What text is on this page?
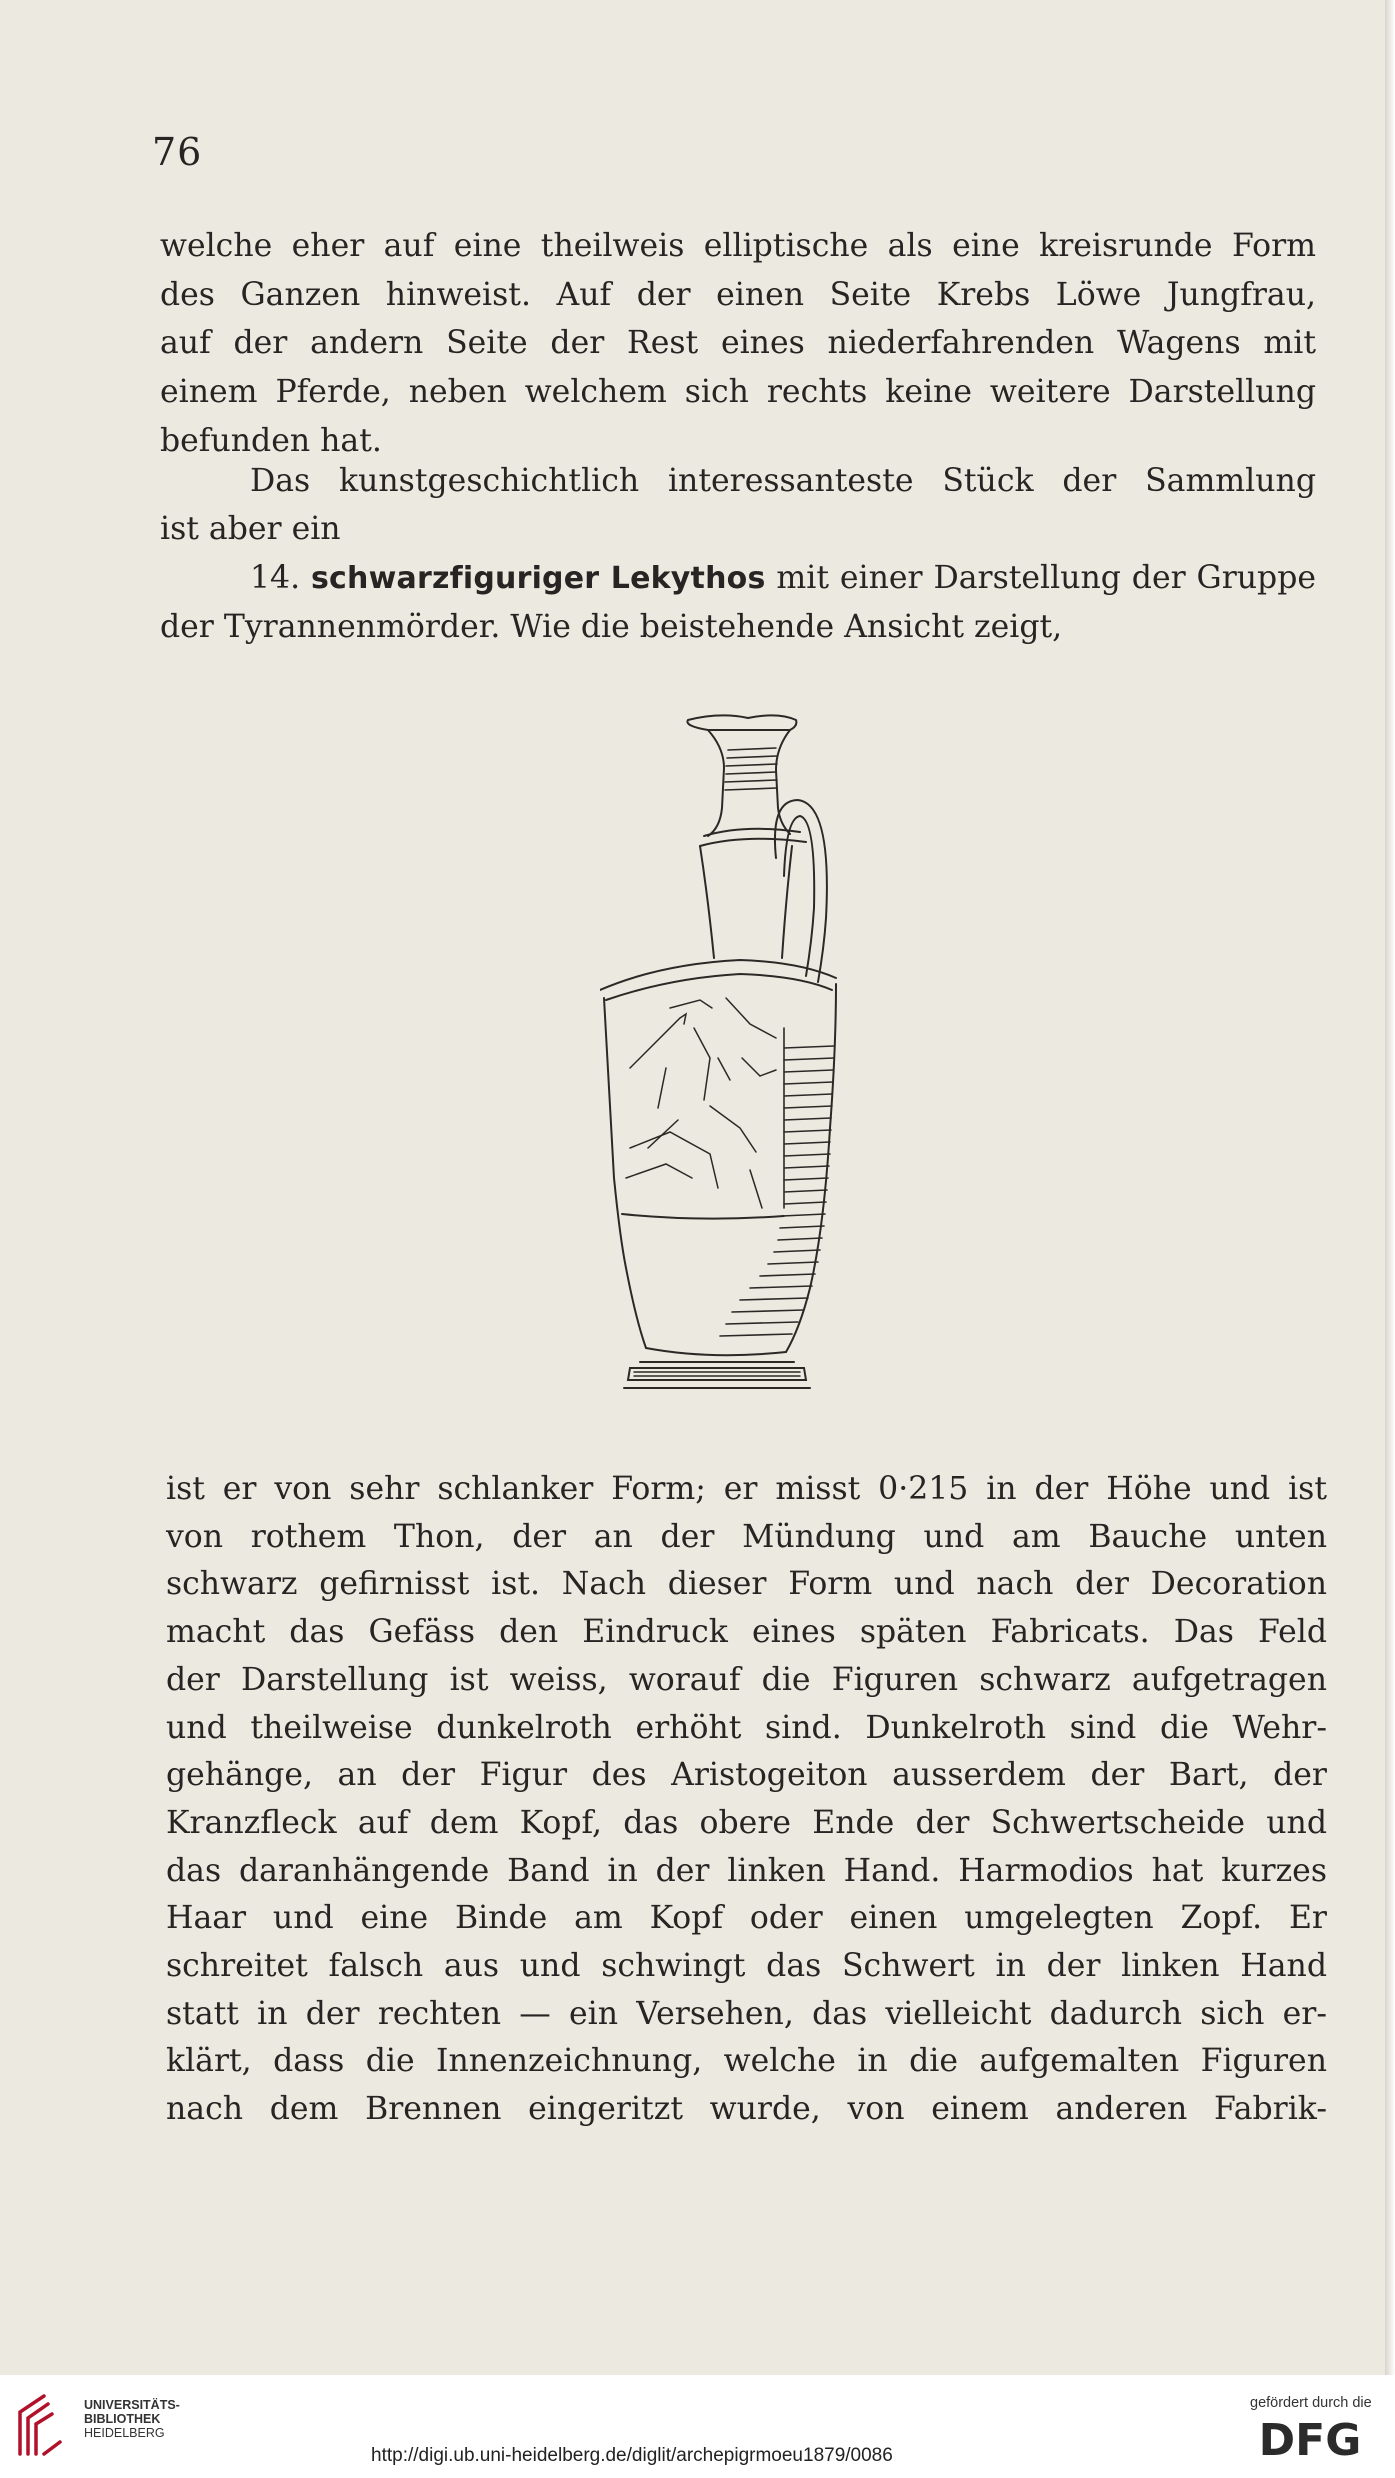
76
welche eher auf eine theilweis elliptische als eine kreisrunde Form
des Ganzen hinweist. Auf der einen Seite Krebs Löwe Jungfrau,
auf der andern Seite der Rest eines niederfahrenden Wagens mit
einem Pferde, neben welchem sich rechts keine weitere Darstellung
befunden hat.
Das kunstgeschichtlich interessanteste Stück der Sammlung
ist aber ein
14. schwarzfiguriger Lekythos mit einer Darstellung der Gruppe
der Tyrannenmörder. Wie die beistehende Ansicht zeigt,
ist er von sehr schlanker Form; er misst 0·215 in der Höhe und ist
von rothem Thon, der an der Mündung und am Bauche unten
schwarz gefirnisst ist. Nach dieser Form und nach der Decoration
macht das Gefäss den Eindruck eines späten Fabricats. Das Feld
der Darstellung ist weiss, worauf die Figuren schwarz aufgetragen
und theilweise dunkelroth erhöht sind. Dunkelroth sind die Wehr-
gehänge, an der Figur des Aristogeiton ausserdem der Bart, der
Kranzfleck auf dem Kopf, das obere Ende der Schwertscheide und
das daranhängende Band in der linken Hand. Harmodios hat kurzes
Haar und eine Binde am Kopf oder einen umgelegten Zopf. Er
schreitet falsch aus und schwingt das Schwert in der linken Hand
statt in der rechten — ein Versehen, das vielleicht dadurch sich er-
klärt, dass die Innenzeichnung, welche in die aufgemalten Figuren
nach dem Brennen eingeritzt wurde, von einem anderen Fabrik-
UNIVERSITÄTS-
BIBLIOTHEK
HEIDELBERG
http://digi.ub.uni-heidelberg.de/diglit/archepigrmoeu1879/0086
gefördert durch die
DFG
